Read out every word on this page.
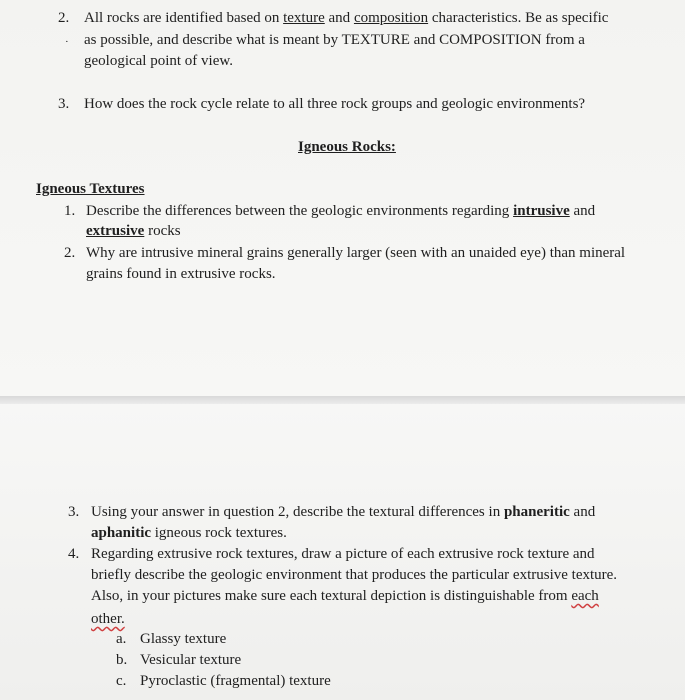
2. All rocks are identified based on texture and composition characteristics. Be as specific
· as possible, and describe what is meant by TEXTURE and COMPOSITION from a
geological point of view.
3. How does the rock cycle relate to all three rock groups and geologic environments?
Igneous Rocks:
Igneous Textures
1. Describe the differences between the geologic environments regarding intrusive and
extrusive rocks
2. Why are intrusive mineral grains generally larger (seen with an unaided eye) than mineral
grains found in extrusive rocks.
3. Using your answer in question 2, describe the textural differences in phaneritic and
aphanitic igneous rock textures.
4. Regarding extrusive rock textures, draw a picture of each extrusive rock texture and
briefly describe the geologic environment that produces the particular extrusive texture.
Also, in your pictures make sure each textural depiction is distinguishable from each
other.
a. Glassy texture
b. Vesicular texture
c. Pyroclastic (fragmental) texture
